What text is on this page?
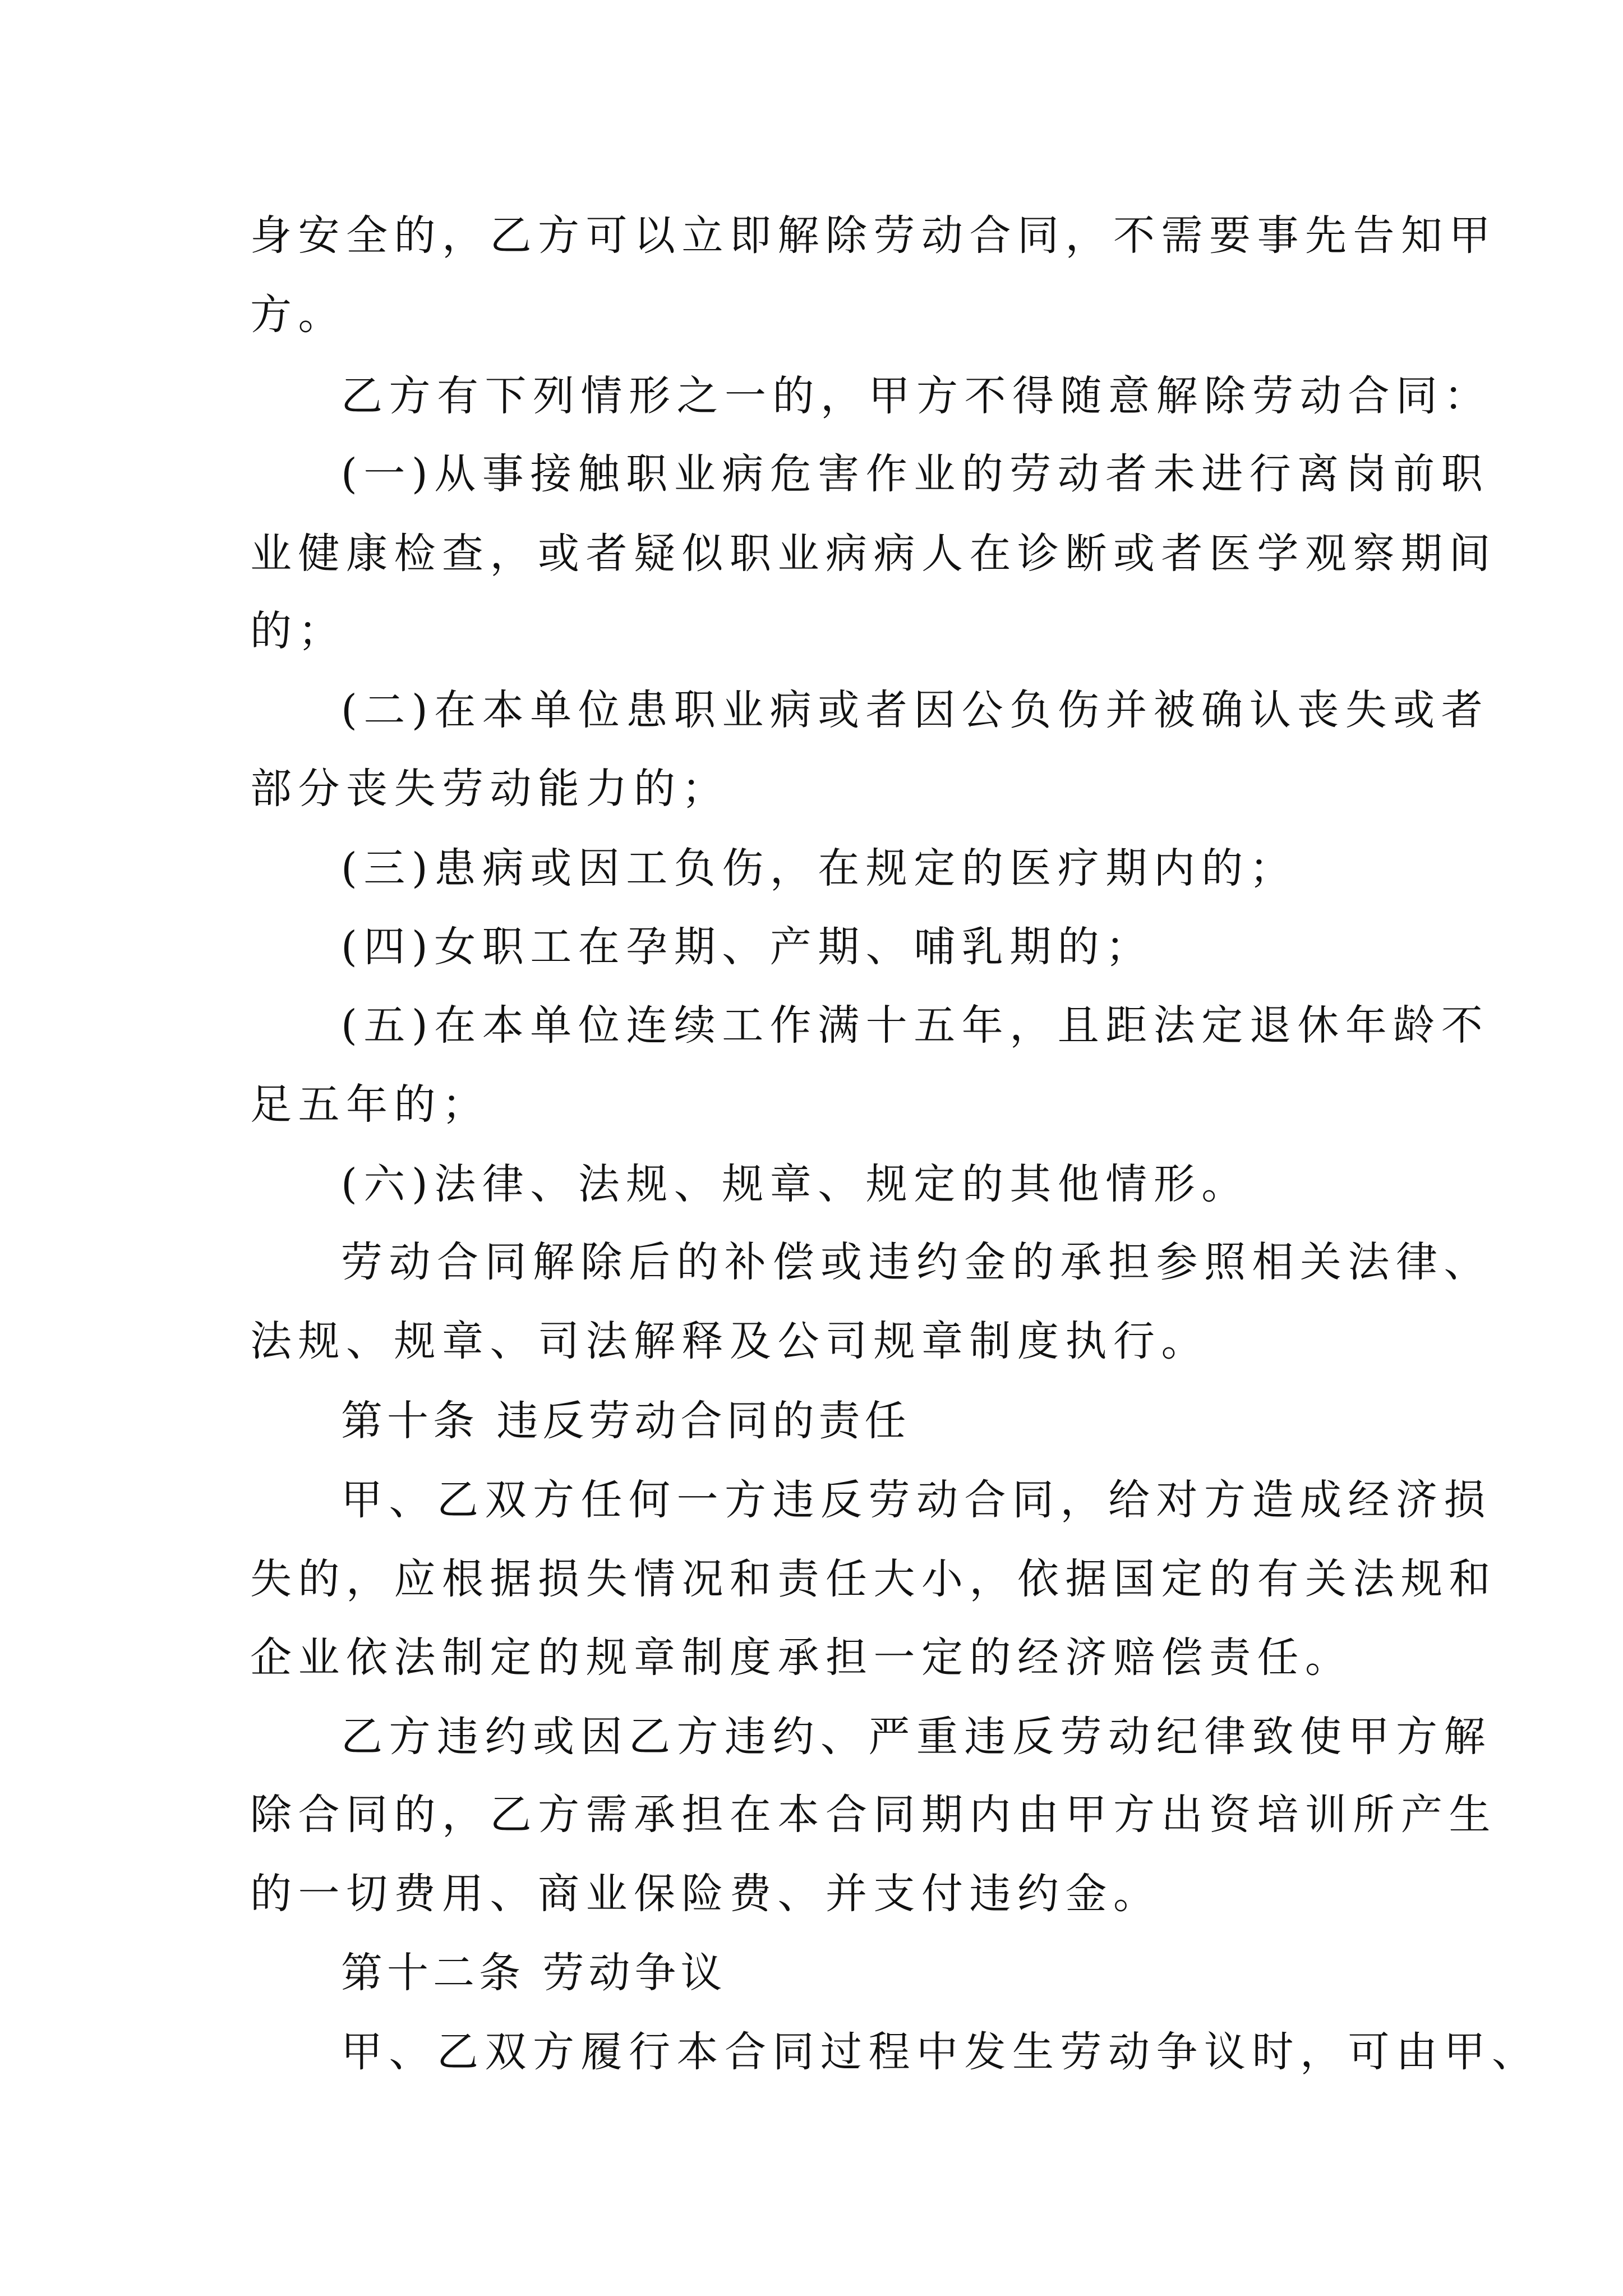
身安全的，乙方可以立即解除劳动合同，不需要事先告知甲
方。
乙方有下列情形之一的，甲方不得随意解除劳动合同：
(一)从事接触职业病危害作业的劳动者未进行离岗前职
业健康检查，或者疑似职业病病人在诊断或者医学观察期间
的；
(二)在本单位患职业病或者因公负伤并被确认丧失或者
部分丧失劳动能力的；
(三)患病或因工负伤，在规定的医疗期内的；
(四)女职工在孕期、产期、哺乳期的；
(五)在本单位连续工作满十五年，且距法定退休年龄不
足五年的；
(六)法律、法规、规章、规定的其他情形。
劳动合同解除后的补偿或违约金的承担参照相关法律、
法规、规章、司法解释及公司规章制度执行。
第十条 违反劳动合同的责任
甲、乙双方任何一方违反劳动合同，给对方造成经济损
失的，应根据损失情况和责任大小，依据国定的有关法规和
企业依法制定的规章制度承担一定的经济赔偿责任。
乙方违约或因乙方违约、严重违反劳动纪律致使甲方解
除合同的，乙方需承担在本合同期内由甲方出资培训所产生
的一切费用、商业保险费、并支付违约金。
第十二条 劳动争议
甲、乙双方履行本合同过程中发生劳动争议时，可由甲、
